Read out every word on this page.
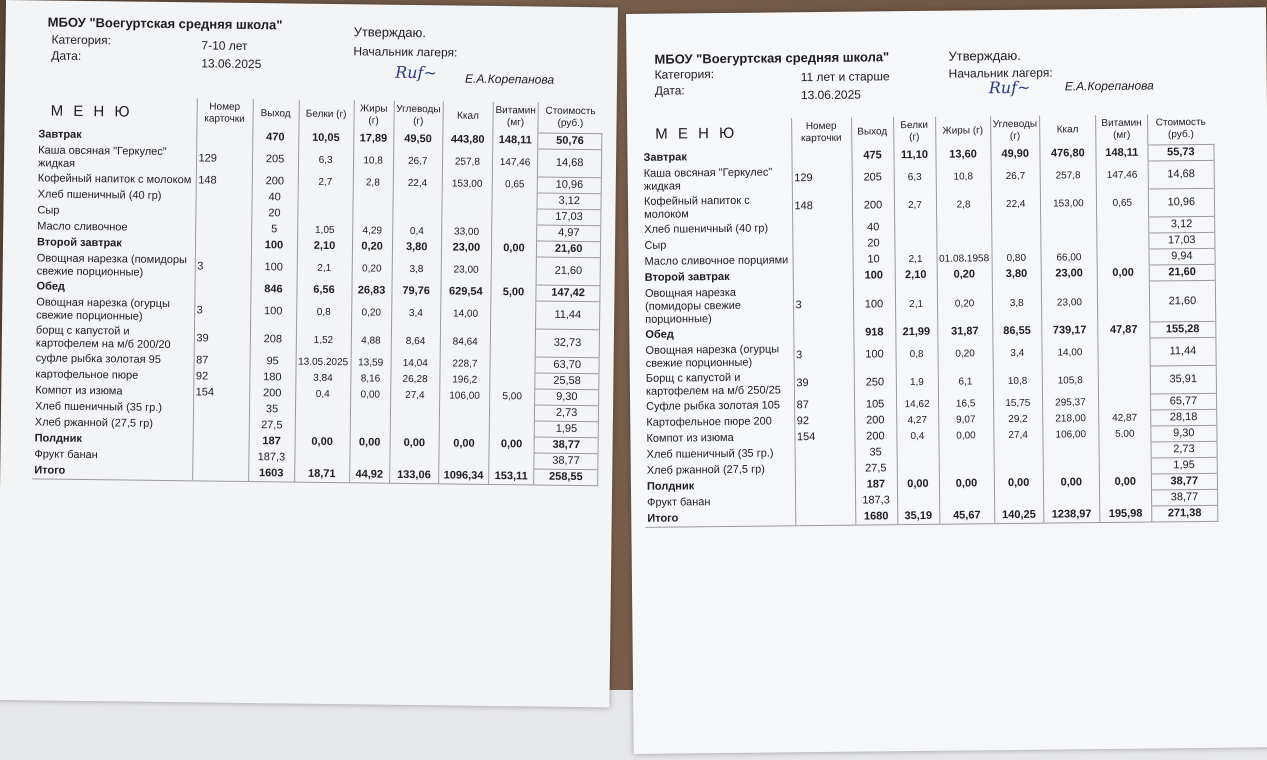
МБОУ "Воегуртская средняя школа"
Категория:	7-10 лет
Дата:
13.06.2025
Утверждаю.
Начальник лагеря:
Rиf~ Е.А.Корепанова
М Е Н Ю	Номер карточки	Выход	Белки (г)	Жиры (г)	Углеводы (г)	Ккал	Витамин (мг)	Стоимость (руб.)
Завтрак		470	10,05	17,89	49,50	443,80	148,11	50,76
Каша овсяная "Геркулес" жидкая	129	205	6,3	10,8	26,7	257,8	147,46	14,68
Кофейный напиток с молоком	148	200	2,7	2,8	22,4	153,00	0,65	10,96
Хлеб пшеничный (40 гр)		40						3,12
Сыр		20						17,03
Масло сливочное		5	1,05	4,29	0,4	33,00		4,97
Второй завтрак		100	2,10	0,20	3,80	23,00	0,00	21,60
Овощная нарезка (помидоры свежие порционные)	3	100	2,1	0,20	3,8	23,00		21,60
Обед		846	6,56	26,83	79,76	629,54	5,00	147,42
Овощная нарезка (огурцы свежие порционные)	3	100	0,8	0,20	3,4	14,00		11,44
борщ с капустой и картофелем на м/б 200/20	39	208	1,52	4,88	8,64	84,64		32,73
суфле рыбка золотая 95	87	95	13.05.2025	13,59	14,04	228,7		63,70
картофельное пюре	92	180	3,84	8,16	26,28	196,2		25,58
Компот из изюма	154	200	0,4	0,00	27,4	106,00	5,00	9,30
Хлеб пшеничный (35 гр.)		35						2,73
Хлеб ржанной (27,5 гр)		27,5						1,95
Полдник		187	0,00	0,00	0,00	0,00	0,00	38,77
Фрукт банан		187,3						38,77
Итого		1603	18,71	44,92	133,06	1096,34	153,11	258,55
МБОУ "Воегуртская средняя школа"
Категория:	11 лет и старше
Дата:	13.06.2025
Утверждаю.
Начальник лагеря:
Rиf~	Е.А.Корепанова
М Е Н Ю	Номер карточки	Выход	Белки (г)	Жиры (г)	Углеводы (г)	Ккал	Витамин (мг)	Стоимость (руб.)
Завтрак		475	11,10	13,60	49,90	476,80	148,11	55,73
Каша овсяная "Геркулес" жидкая	129	205	6,3	10,8	26,7	257,8	147,46	14,68
Кофейный напиток с молоком	148	200	2,7	2,8	22,4	153,00	0,65	10,96
Хлеб пшеничный (40 гр)		40						3,12
Сыр		20						17,03
Масло сливочное порциями		10	2,1	01.08.1958	0,80	66,00		9,94
Второй завтрак		100	2,10	0,20	3,80	23,00	0,00	21,60
Овощная нарезка (помидоры свежие порционные)	3	100	2,1	0,20	3,8	23,00		21,60
Обед		918	21,99	31,87	86,55	739,17	47,87	155,28
Овощная нарезка (огурцы свежие порционные)	3	100	0,8	0,20	3,4	14,00		11,44
Борщ с капустой и картофелем на м/б 250/25	39	250	1,9	6,1	10,8	105,8		35,91
Суфле рыбка золотая 105	87	105	14,62	16,5	15,75	295,37		65,77
Картофельное пюре 200	92	200	4,27	9,07	29,2	218,00	42,87	28,18
Компот из изюма	154	200	0,4	0,00	27,4	106,00	5,00	9,30
Хлеб пшеничный (35 гр.)		35						2,73
Хлеб ржанной (27,5 гр)		27,5						1,95
Полдник		187	0,00	0,00	0,00	0,00	0,00	38,77
Фрукт банан		187,3						38,77
Итого		1680	35,19	45,67	140,25	1238,97	195,98	271,38
